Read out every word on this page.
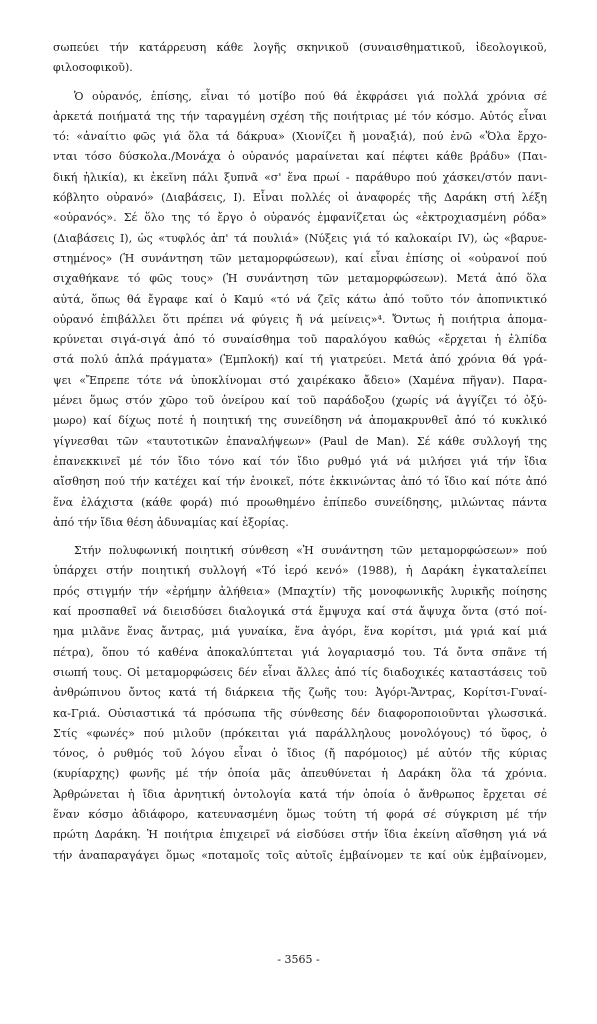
σωπεύει τήν κατάρρευση κάθε λογῆς σκηνικοῦ (συναισθηματικοῦ, ἰδεολογικοῦ,
φιλοσοφικοῦ).
Ὁ οὐρανός, ἐπίσης, εἶναι τό μοτίβο πού θά ἐκφράσει γιά πολλά χρόνια σέ
ἀρκετά ποιήματά της τήν ταραγμένη σχέση τῆς ποιήτριας μέ τόν κόσμο. Αὐτός εἶναι
τό: «ἀναίτιο φῶς γιά ὅλα τά δάκρυα» (Χιονίζει ἤ μοναξιά), πού ἐνῶ «Ὅλα ἔρχο-
νται τόσο δύσκολα./Μονάχα ὁ οὐρανός μαραίνεται καί πέφτει κάθε βράδυ» (Παι-
δική ἡλικία), κι ἐκεῖνη πάλι ξυπνᾶ «σ' ἕνα πρωί - παράθυρο πού χάσκει/στόν πανι-
κόβλητο οὐρανό» (Διαβάσεις, Ι). Εἶναι πολλές οἱ ἀναφορές τῆς Δαράκη στή λέξη
«οὐρανός». Σέ ὅλο της τό ἔργο ὁ οὐρανός ἐμφανίζεται ὡς «ἐκτροχιασμένη ρόδα»
(Διαβάσεις Ι), ὡς «τυφλός ἀπ' τά πουλιά» (Νύξεις γιά τό καλοκαίρι IV), ὡς «βαρυε-
στημένος» (Ἡ συνάντηση τῶν μεταμορφώσεων), καί εἶναι ἐπίσης οἱ «οὐρανοί πού
σιχαθήκανε τό φῶς τους» (Ἡ συνάντηση τῶν μεταμορφώσεων). Μετά ἀπό ὅλα
αὐτά, ὅπως θά ἔγραφε καί ὁ Καμύ «τό νά ζεῖς κάτω ἀπό τοῦτο τόν ἀποπνικτικό
οὐρανό ἐπιβάλλει ὅτι πρέπει νά φύγεις ἤ νά μείνεις»⁴. Ὄντως ἡ ποιήτρια ἀπομα-
κρύνεται σιγά-σιγά ἀπό τό συναίσθημα τοῦ παραλόγου καθώς «ἔρχεται ἡ ἐλπίδα
στά πολύ ἁπλά πράγματα» (Ἐμπλοκή) καί τή γιατρεύει. Μετά ἀπό χρόνια θά γρά-
ψει «Ἔπρεπε τότε νά ὑποκλίνομαι στό χαιρέκακο ἄδειο» (Χαμένα πῆγαν). Παρα-
μένει ὅμως στόν χῶρο τοῦ ὀνείρου καί τοῦ παράδοξου (χωρίς νά ἀγγίζει τό ὀξύ-
μωρο) καί δίχως ποτέ ἡ ποιητική της συνείδηση νά ἀπομακρυνθεῖ ἀπό τό κυκλικό
γίγνεσθαι τῶν «ταυτοτικῶν ἐπαναλήψεων» (Paul de Man). Σέ κάθε συλλογή της
ἐπανεκκινεῖ μέ τόν ἴδιο τόνο καί τόν ἴδιο ρυθμό γιά νά μιλήσει γιά τήν ἴδια
αἴσθηση πού τήν κατέχει καί τήν ἐνοικεῖ, πότε ἐκκινώντας ἀπό τό ἴδιο καί πότε ἀπό
ἕνα ἐλάχιστα (κάθε φορά) πιό προωθημένο ἐπίπεδο συνείδησης, μιλώντας πάντα
ἀπό τήν ἴδια θέση ἀδυναμίας καί ἐξορίας.
Στήν πολυφωνική ποιητική σύνθεση «Ἡ συνάντηση τῶν μεταμορφώσεων» πού
ὑπάρχει στήν ποιητική συλλογή «Τό ἱερό κενό» (1988), ἡ Δαράκη ἐγκαταλείπει
πρός στιγμήν τήν «ἐρήμην ἀλήθεια» (Μπαχτίν) τῆς μονοφωνικῆς λυρικῆς ποίησης
καί προσπαθεῖ νά διεισδύσει διαλογικά στά ἔμψυχα καί στά ἄψυχα ὄντα (στό ποί-
ημα μιλᾶνε ἕνας ἄντρας, μιά γυναίκα, ἕνα ἀγόρι, ἕνα κορίτσι, μιά γριά καί μιά
πέτρα), ὅπου τό καθένα ἀποκαλύπτεται γιά λογαριασμό του. Τά ὄντα σπᾶνε τή
σιωπή τους. Οἱ μεταμορφώσεις δέν εἶναι ἄλλες ἀπό τίς διαδοχικές καταστάσεις τοῦ
ἀνθρώπινου ὄντος κατά τή διάρκεια τῆς ζωῆς του: Ἀγόρι-Ἄντρας, Κορίτσι-Γυναί-
κα-Γριά. Οὐσιαστικά τά πρόσωπα τῆς σύνθεσης δέν διαφοροποιοῦνται γλωσσικά.
Στίς «φωνές» πού μιλοῦν (πρόκειται γιά παράλληλους μονολόγους) τό ὕφος, ὁ
τόνος, ὁ ρυθμός τοῦ λόγου εἶναι ὁ ἴδιος (ἤ παρόμοιος) μέ αὐτόν τῆς κύριας
(κυρίαρχης) φωνῆς μέ τήν ὁποία μᾶς ἀπευθύνεται ἡ Δαράκη ὅλα τά χρόνια.
Ἀρθρώνεται ἡ ἴδια ἀρνητική ὀντολογία κατά τήν ὁποία ὁ ἄνθρωπος ἔρχεται σέ
ἕναν κόσμο ἀδιάφορο, κατευνασμένη ὅμως τούτη τή φορά σέ σύγκριση μέ τήν
πρώτη Δαράκη. Ἡ ποιήτρια ἐπιχειρεῖ νά εἰσδύσει στήν ἴδια ἐκείνη αἴσθηση γιά νά
τήν ἀναπαραγάγει ὅμως «ποταμοῖς τοῖς αὐτοῖς ἐμβαίνομεν τε καί οὐκ ἐμβαίνομεν,
- 3565 -
